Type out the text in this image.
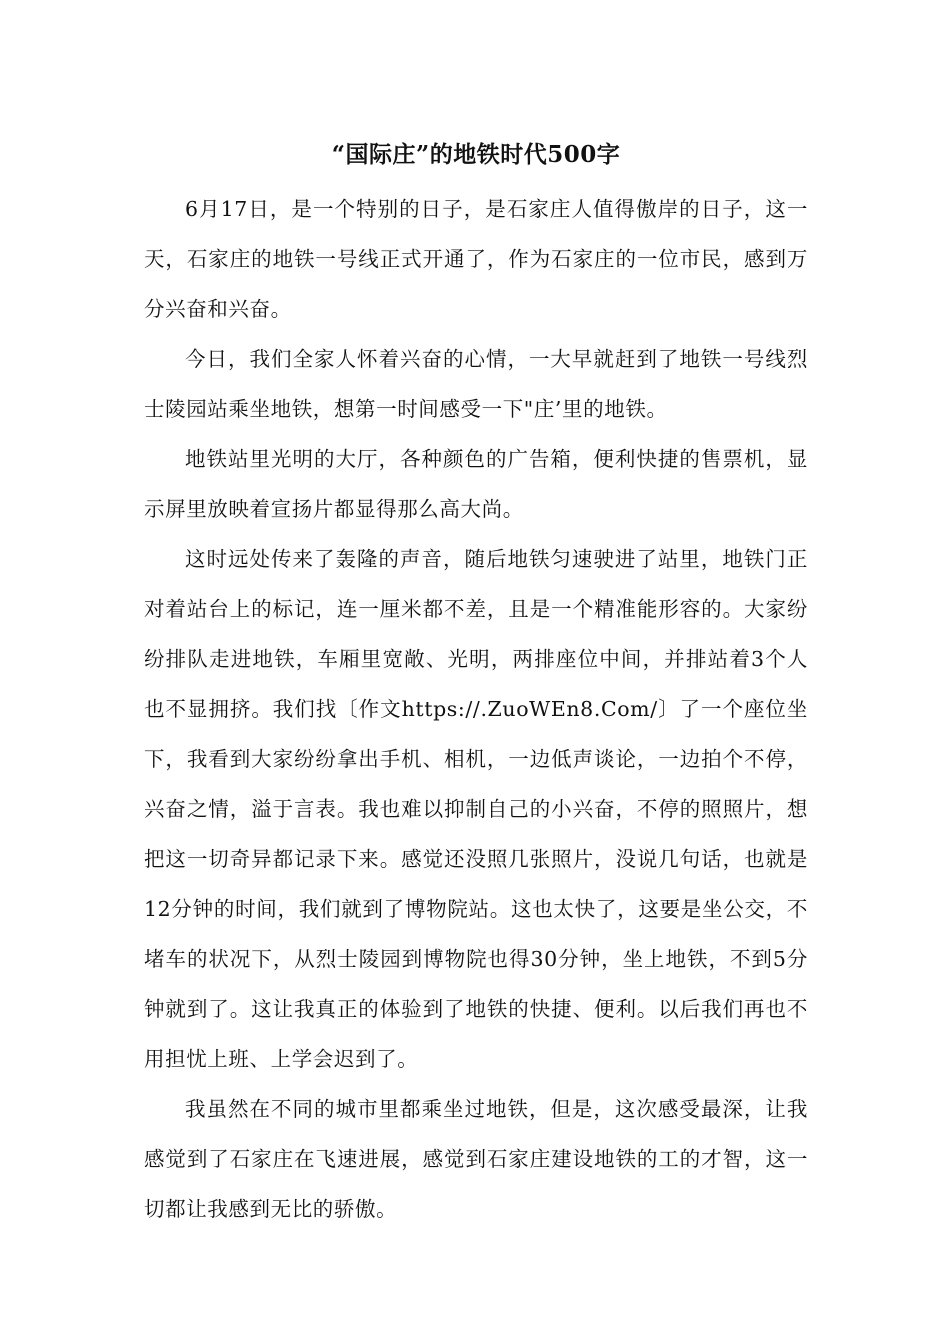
“国际庄”的地铁时代500字

6月17日，是一个特别的日子，是石家庄人值得傲岸的日子，这一天，石家庄的地铁一号线正式开通了，作为石家庄的一位市民，感到万分兴奋和兴奋。

今日，我们全家人怀着兴奋的心情，一大早就赶到了地铁一号线烈士陵园站乘坐地铁，想第一时间感受一下"庄’里的地铁。

地铁站里光明的大厅，各种颜色的广告箱，便利快捷的售票机，显示屏里放映着宣扬片都显得那么高大尚。

这时远处传来了轰隆的声音，随后地铁匀速驶进了站里，地铁门正对着站台上的标记，连一厘米都不差，且是一个精准能形容的。大家纷纷排队走进地铁，车厢里宽敞、光明，两排座位中间，并排站着3个人也不显拥挤。我们找〔作文https://.ZuoWEn8.Com/〕了一个座位坐下，我看到大家纷纷拿出手机、相机，一边低声谈论，一边拍个不停，兴奋之情，溢于言表。我也难以抑制自己的小兴奋，不停的照照片，想把这一切奇异都记录下来。感觉还没照几张照片，没说几句话，也就是12分钟的时间，我们就到了博物院站。这也太快了，这要是坐公交，不堵车的状况下，从烈士陵园到博物院也得30分钟，坐上地铁，不到5分钟就到了。这让我真正的体验到了地铁的快捷、便利。以后我们再也不用担忧上班、上学会迟到了。

我虽然在不同的城市里都乘坐过地铁，但是，这次感受最深，让我感觉到了石家庄在飞速进展，感觉到石家庄建设地铁的工的才智，这一切都让我感到无比的骄傲。
